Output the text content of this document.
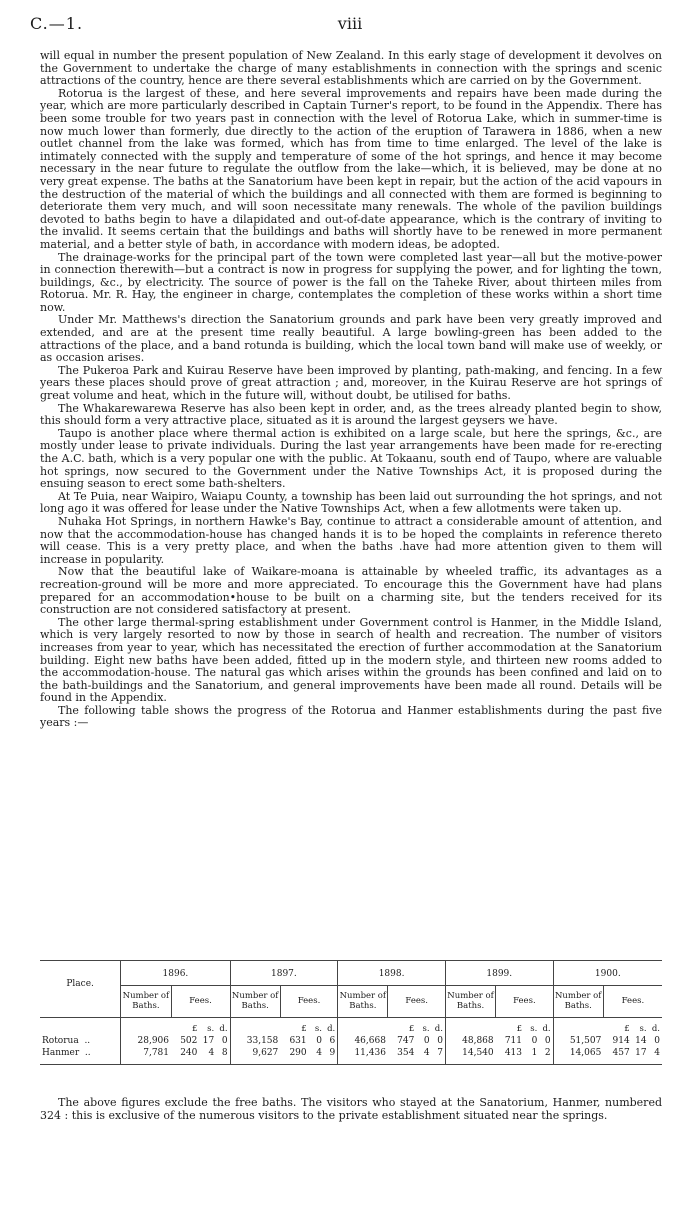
C.—1.	viii

will equal in number the present population of New Zealand. In this early stage of development it devolves on the Government to undertake the charge of many establishments in connection with the springs and scenic attractions of the country, hence are there several establishments which are carried on by the Government.

Rotorua is the largest of these, and here several improvements and repairs have been made during the year, which are more particularly described in Captain Turner's report, to be found in the Appendix. There has been some trouble for two years past in connection with the level of Rotorua Lake, which in summer-time is now much lower than formerly, due directly to the action of the eruption of Tarawera in 1886, when a new outlet channel from the lake was formed, which has from time to time enlarged. The level of the lake is intimately connected with the supply and temperature of some of the hot springs, and hence it may become necessary in the near future to regulate the outflow from the lake—which, it is believed, may be done at no very great expense. The baths at the Sanatorium have been kept in repair, but the action of the acid vapours in the destruction of the material of which the buildings and all connected with them are formed is beginning to deteriorate them very much, and will soon necessitate many renewals. The whole of the pavilion buildings devoted to baths begin to have a dilapidated and out-of-date appearance, which is the contrary of inviting to the invalid. It seems certain that the buildings and baths will shortly have to be renewed in more permanent material, and a better style of bath, in accordance with modern ideas, be adopted.

The drainage-works for the principal part of the town were completed last year—all but the motive-power in connection therewith—but a contract is now in progress for supplying the power, and for lighting the town, buildings, &c., by electricity. The source of power is the fall on the Taheke River, about thirteen miles from Rotorua. Mr. R. Hay, the engineer in charge, contemplates the completion of these works within a short time now.

Under Mr. Matthews's direction the Sanatorium grounds and park have been very greatly improved and extended, and are at the present time really beautiful. A large bowling-green has been added to the attractions of the place, and a band rotunda is building, which the local town band will make use of weekly, or as occasion arises.

The Pukeroa Park and Kuirau Reserve have been improved by planting, path-making, and fencing. In a few years these places should prove of great attraction ; and, moreover, in the Kuirau Reserve are hot springs of great volume and heat, which in the future will, without doubt, be utilised for baths.

The Whakarewarewa Reserve has also been kept in order, and, as the trees already planted begin to show, this should form a very attractive place, situated as it is around the largest geysers we have.

Taupo is another place where thermal action is exhibited on a large scale, but here the springs, &c., are mostly under lease to private individuals. During the last year arrangements have been made for re-erecting the A.C. bath, which is a very popular one with the public. At Tokaanu, south end of Taupo, where are valuable hot springs, now secured to the Government under the Native Townships Act, it is proposed during the ensuing season to erect some bath-shelters.

At Te Puia, near Waipiro, Waiapu County, a township has been laid out surrounding the hot springs, and not long ago it was offered for lease under the Native Townships Act, when a few allotments were taken up.

Nuhaka Hot Springs, in northern Hawke's Bay, continue to attract a considerable amount of attention, and now that the accommodation-house has changed hands it is to be hoped the complaints in reference thereto will cease. This is a very pretty place, and when the baths .have had more attention given to them will increase in popularity.

Now that the beautiful lake of Waikare-moana is attainable by wheeled traffic, its advantages as a recreation-ground will be more and more appreciated. To encourage this the Government have had plans prepared for an accommodation•house to be built on a charming site, but the tenders received for its construction are not considered satisfactory at present.

The other large thermal-spring establishment under Government control is Hanmer, in the Middle Island, which is very largely resorted to now by those in search of health and recreation. The number of visitors increases from year to year, which has necessitated the erection of further accommodation at the Sanatorium building. Eight new baths have been added, fitted up in the modern style, and thirteen new rooms added to the accommodation-house. The natural gas which arises within the grounds has been confined and laid on to the bath-buildings and the Sanatorium, and general improvements have been made all round. Details will be found in the Appendix.

The following table shows the progress of the Rotorua and Hanmer establishments during the past five years :—

Place.	1896.				1897.				1898.				1899.				1900.			
	Number of Baths.	Fees.			Number of Baths.	Fees.			Number of Baths.	Fees.			Number of Baths.	Fees.			Number of Baths.	Fees.		
		£	s.	d.		£	s.	d.		£	s.	d.		£	s.	d.		£	s.	d.
Rotorua ..	28,906	502	17	0	33,158	631	0	6	46,668	747	0	0	48,868	711	0	0	51,507	914	14	0
Hanmer ..	7,781	240	4	8	9,627	290	4	9	11,436	354	4	7	14,540	413	1	2	14,065	457	17	4

The above figures exclude the free baths. The visitors who stayed at the Sanatorium, Hanmer, numbered 324 : this is exclusive of the numerous visitors to the private establishment situated near the springs.
